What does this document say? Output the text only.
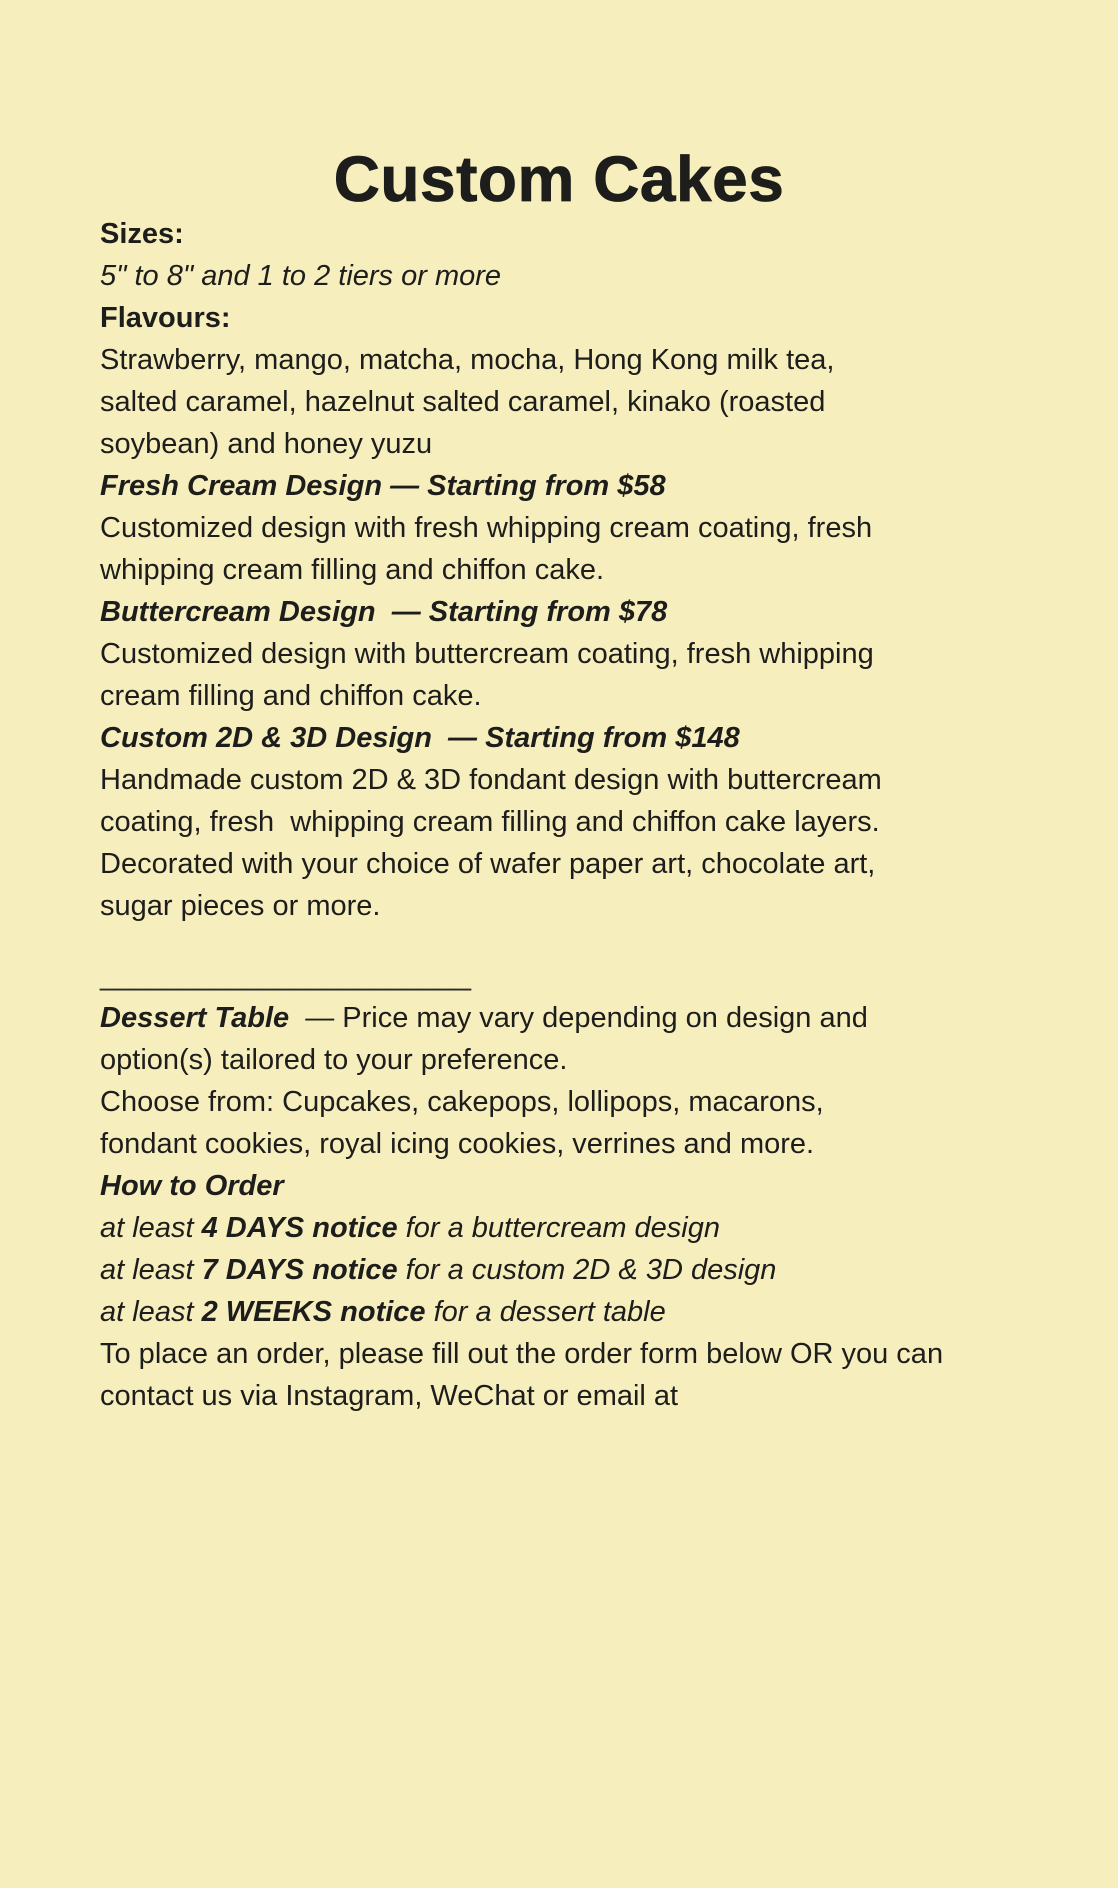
Custom Cakes

Sizes:

5" to 8" and 1 to 2 tiers or more

Flavours:

Strawberry, mango, matcha, mocha, Hong Kong milk tea,
salted caramel, hazelnut salted caramel, kinako (roasted
soybean) and honey yuzu
Fresh Cream Design — Starting from $58
Customized design with fresh whipping cream coating, fresh
whipping cream filling and chiffon cake.
Buttercream Design  — Starting from $78
Customized design with buttercream coating, fresh whipping
cream filling and chiffon cake.
Custom 2D & 3D Design  — Starting from $148
Handmade custom 2D & 3D fondant design with buttercream
coating, fresh  whipping cream filling and chiffon cake layers.
Decorated with your choice of wafer paper art, chocolate art,
sugar pieces or more.
_______________________
Dessert Table  — Price may vary depending on design and
option(s) tailored to your preference.
Choose from: Cupcakes, cakepops, lollipops, macarons,
fondant cookies, royal icing cookies, verrines and more.

How to Order

at least 4 DAYS notice for a buttercream design
at least 7 DAYS notice for a custom 2D & 3D design
at least 2 WEEKS notice for a dessert table
To place an order, please fill out the order form below OR you can
contact us via Instagram, WeChat or email at
